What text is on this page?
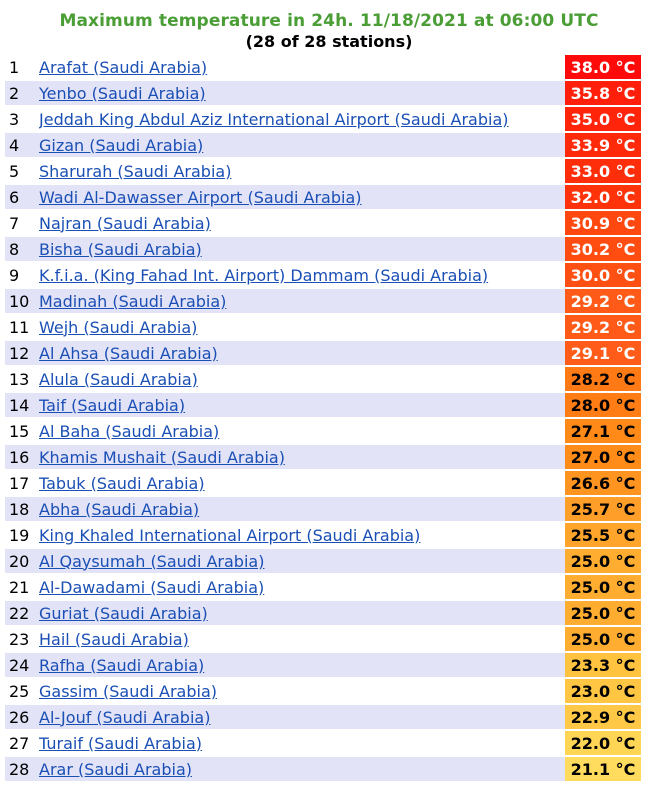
Maximum temperature in 24h. 11/18/2021 at 06:00 UTC
(28 of 28 stations)
1	Arafat (Saudi Arabia)	38.0 °C
2	Yenbo (Saudi Arabia)	35.8 °C
3	Jeddah King Abdul Aziz International Airport (Saudi Arabia)	35.0 °C
4	Gizan (Saudi Arabia)	33.9 °C
5	Sharurah (Saudi Arabia)	33.0 °C
6	Wadi Al-Dawasser Airport (Saudi Arabia)	32.0 °C
7	Najran (Saudi Arabia)	30.9 °C
8	Bisha (Saudi Arabia)	30.2 °C
9	K.f.i.a. (King Fahad Int. Airport) Dammam (Saudi Arabia)	30.0 °C
10	Madinah (Saudi Arabia)	29.2 °C
11	Wejh (Saudi Arabia)	29.2 °C
12	Al Ahsa (Saudi Arabia)	29.1 °C
13	Alula (Saudi Arabia)	28.2 °C
14	Taif (Saudi Arabia)	28.0 °C
15	Al Baha (Saudi Arabia)	27.1 °C
16	Khamis Mushait (Saudi Arabia)	27.0 °C
17	Tabuk (Saudi Arabia)	26.6 °C
18	Abha (Saudi Arabia)	25.7 °C
19	King Khaled International Airport (Saudi Arabia)	25.5 °C
20	Al Qaysumah (Saudi Arabia)	25.0 °C
21	Al-Dawadami (Saudi Arabia)	25.0 °C
22	Guriat (Saudi Arabia)	25.0 °C
23	Hail (Saudi Arabia)	25.0 °C
24	Rafha (Saudi Arabia)	23.3 °C
25	Gassim (Saudi Arabia)	23.0 °C
26	Al-Jouf (Saudi Arabia)	22.9 °C
27	Turaif (Saudi Arabia)	22.0 °C
28	Arar (Saudi Arabia)	21.1 °C
